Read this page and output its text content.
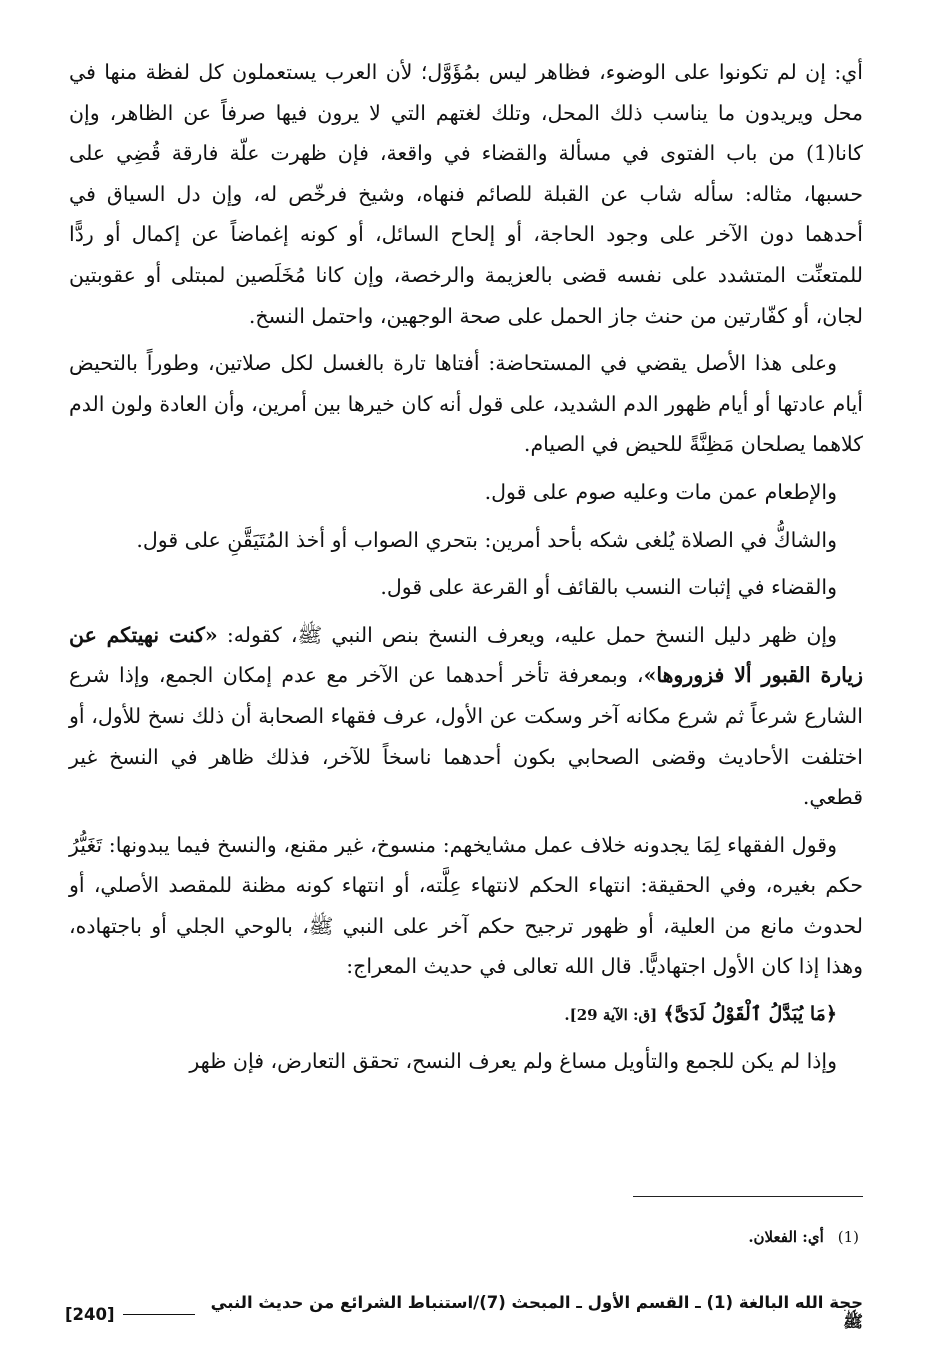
أي: إن لم تكونوا على الوضوء، فظاهر ليس بمُؤَوَّل؛ لأن العرب يستعملون كل لفظة منها في محل ويريدون ما يناسب ذلك المحل، وتلك لغتهم التي لا يرون فيها صرفاً عن الظاهر، وإن كانا(1) من باب الفتوى في مسألة والقضاء في واقعة، فإن ظهرت علّة فارقة قُضِي على حسبها، مثاله: سأله شاب عن القبلة للصائم فنهاه، وشيخ فرخّص له، وإن دل السياق في أحدهما دون الآخر على وجود الحاجة، أو إلحاح السائل، أو كونه إغماضاً عن إكمال أو ردًّا للمتعنِّت المتشدد على نفسه قضى بالعزيمة والرخصة، وإن كانا مُخَلَصين لمبتلى أو عقوبتين لجان، أو كفّارتين من حنث جاز الحمل على صحة الوجهين، واحتمل النسخ.

وعلى هذا الأصل يقضي في المستحاضة: أفتاها تارة بالغسل لكل صلاتين، وطوراً بالتحيض أيام عادتها أو أيام ظهور الدم الشديد، على قول أنه كان خيرها بين أمرين، وأن العادة ولون الدم كلاهما يصلحان مَظِنَّةً للحيض في الصيام.

والإطعام عمن مات وعليه صوم على قول.

والشاكُّ في الصلاة يُلغى شكه بأحد أمرين: بتحري الصواب أو أخذ المُتَيَقَّنِ على قول.

والقضاء في إثبات النسب بالقائف أو القرعة على قول.

وإن ظهر دليل النسخ حمل عليه، ويعرف النسخ بنص النبي ﷺ، كقوله: «كنت نهيتكم عن زيارة القبور ألا فزوروها»، وبمعرفة تأخر أحدهما عن الآخر مع عدم إمكان الجمع، وإذا شرع الشارع شرعاً ثم شرع مكانه آخر وسكت عن الأول، عرف فقهاء الصحابة أن ذلك نسخ للأول، أو اختلفت الأحاديث وقضى الصحابي بكون أحدهما ناسخاً للآخر، فذلك ظاهر في النسخ غير قطعي.

وقول الفقهاء لِمَا يجدونه خلاف عمل مشايخهم: منسوخ، غير مقنع، والنسخ فيما يبدونها: تَغَيُّرُ حكم بغيره، وفي الحقيقة: انتهاء الحكم لانتهاء عِلَّته، أو انتهاء كونه مظنة للمقصد الأصلي، أو لحدوث مانع من العلية، أو ظهور ترجيح حكم آخر على النبي ﷺ، بالوحي الجلي أو باجتهاده، وهذا إذا كان الأول اجتهاديًّا. قال الله تعالى في حديث المعراج:

﴿مَا يُبَدَّلُ ٱلْقَوْلُ لَدَىَّ﴾ [ق: الآية 29].

وإذا لم يكن للجمع والتأويل مساغ ولم يعرف النسح، تحقق التعارض، فإن ظهر

(1)أي: الفعلان.
حجة الله البالغة (1) ـ القسم الأول ـ المبحث (7)/استنباط الشرائع من حديث النبي ﷺ
[240]
